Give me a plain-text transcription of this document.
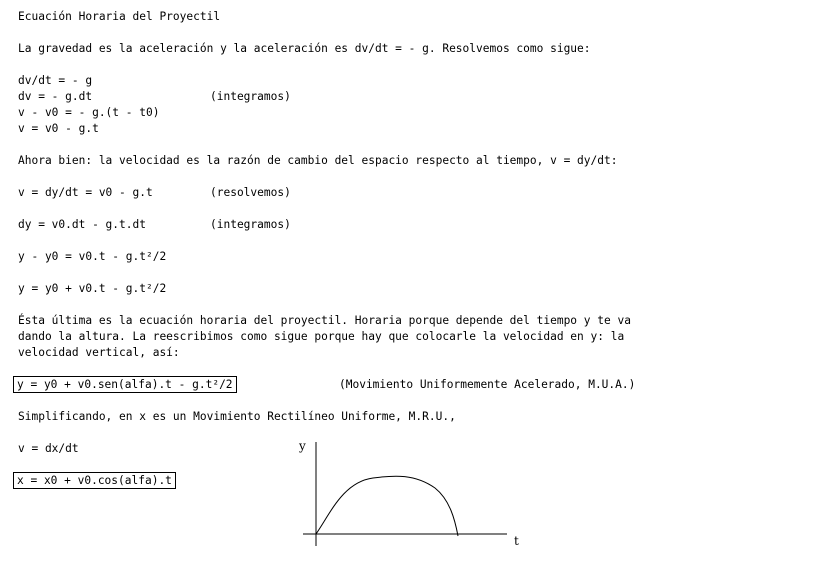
Ecuación Horaria del Proyectil
La gravedad es la aceleración y la aceleración es dv/dt = - g. Resolvemos como sigue:
dv/dt = - g
dv = - g.dt	(integramos)
v - v0 = - g.(t - t0)
v = v0 - g.t
Ahora bien: la velocidad es la razón de cambio del espacio respecto al tiempo, v = dy/dt:
v = dy/dt = v0 - g.t	(resolvemos)
dy = v0.dt - g.t.dt	(integramos)
y - y0 = v0.t - g.t²/2
y = y0 + v0.t - g.t²/2
Ésta última es la ecuación horaria del proyectil. Horaria porque depende del tiempo y te va
dando la altura. La reescribimos como sigue porque hay que colocarle la velocidad en y: la
velocidad vertical, así:
y = y0 + v0.sen(alfa).t - g.t²/2	(Movimiento Uniformemente Acelerado, M.U.A.)
Simplificando, en x es un Movimiento Rectilíneo Uniforme, M.R.U.,
v = dx/dt
x = x0 + v0.cos(alfa).t
y
t
